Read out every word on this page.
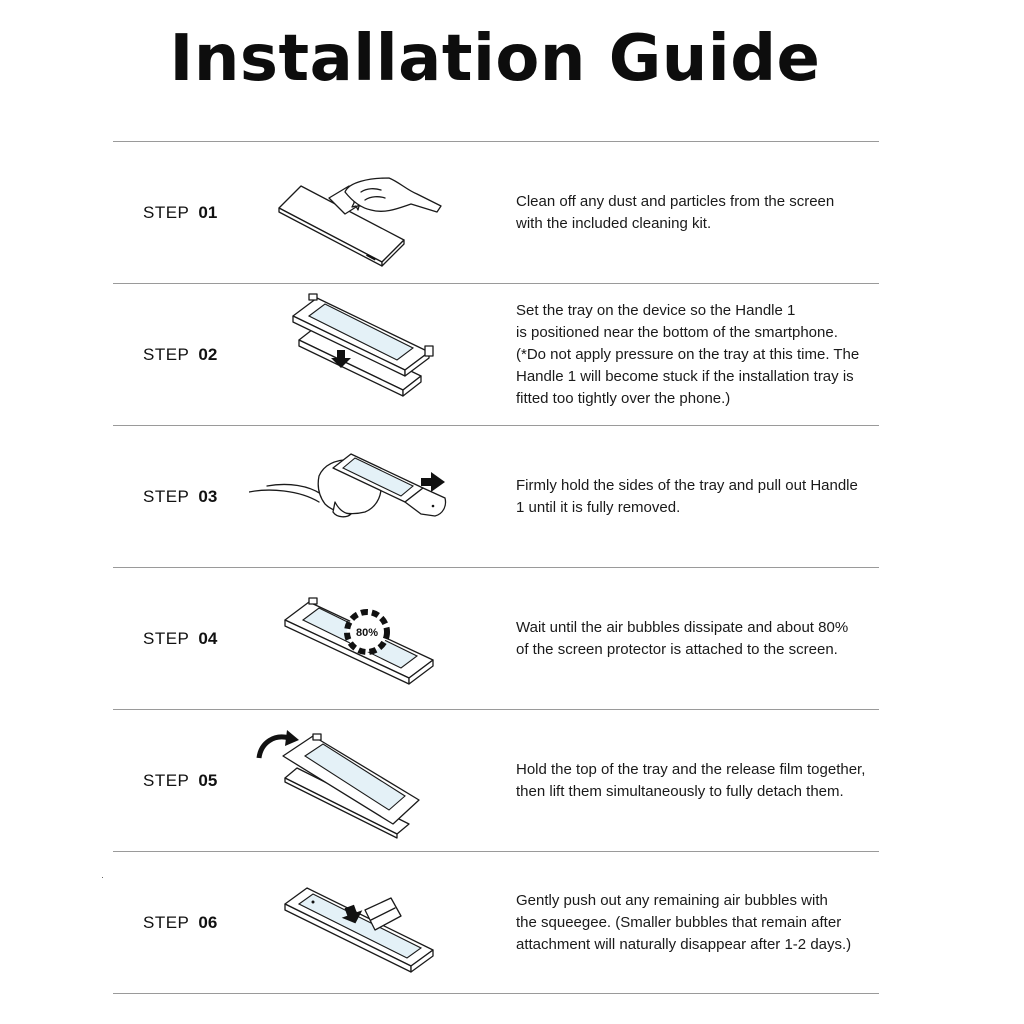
Installation Guide
STEP 01
Clean off any dust and particles from the screen
with the included cleaning kit.
STEP 02
Set the tray on the device so the Handle 1
is positioned near the bottom of the smartphone.
(*Do not apply pressure on the tray at this time. The
Handle 1 will become stuck if the installation tray is
fitted too tightly over the phone.)
STEP 03
Firmly hold the sides of the tray and pull out Handle
1 until it is fully removed.
STEP 04	80%	Wait until the air bubbles dissipate and about 80%
of the screen protector is attached to the screen.
STEP 05
Hold the top of the tray and the release film together,
then lift them simultaneously to fully detach them.
STEP 06
Gently push out any remaining air bubbles with
the squeegee. (Smaller bubbles that remain after
attachment will naturally disappear after 1-2 days.)
